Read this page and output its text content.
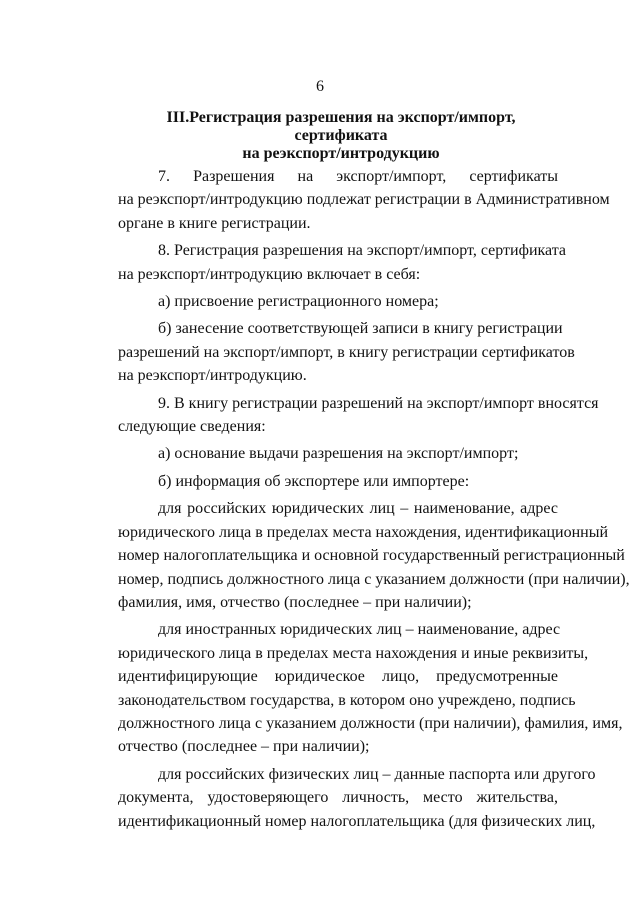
6
III.Регистрация разрешения на экспорт/импорт, сертификата
на реэкспорт/интродукцию

7. Разрешения на экспорт/импорт, сертификаты
на реэкспорт/интродукцию подлежат регистрации в Административном
органе в книге регистрации.

8. Регистрация разрешения на экспорт/импорт, сертификата
на реэкспорт/интродукцию включает в себя:

а) присвоение регистрационного номера;

б) занесение соответствующей записи в книгу регистрации
разрешений на экспорт/импорт, в книгу регистрации сертификатов
на реэкспорт/интродукцию.

9. В книгу регистрации разрешений на экспорт/импорт вносятся
следующие сведения:

а) основание выдачи разрешения на экспорт/импорт;

б) информация об экспортере или импортере:

для российских юридических лиц – наименование, адрес
юридического лица в пределах места нахождения, идентификационный
номер налогоплательщика и основной государственный регистрационный
номер, подпись должностного лица с указанием должности (при наличии),
фамилия, имя, отчество (последнее – при наличии);

для иностранных юридических лиц – наименование, адрес
юридического лица в пределах места нахождения и иные реквизиты,
идентифицирующие юридическое лицо, предусмотренные
законодательством государства, в котором оно учреждено, подпись
должностного лица с указанием должности (при наличии), фамилия, имя,
отчество (последнее – при наличии);

для российских физических лиц – данные паспорта или другого
документа, удостоверяющего личность, место жительства,
идентификационный номер налогоплательщика (для физических лиц,
